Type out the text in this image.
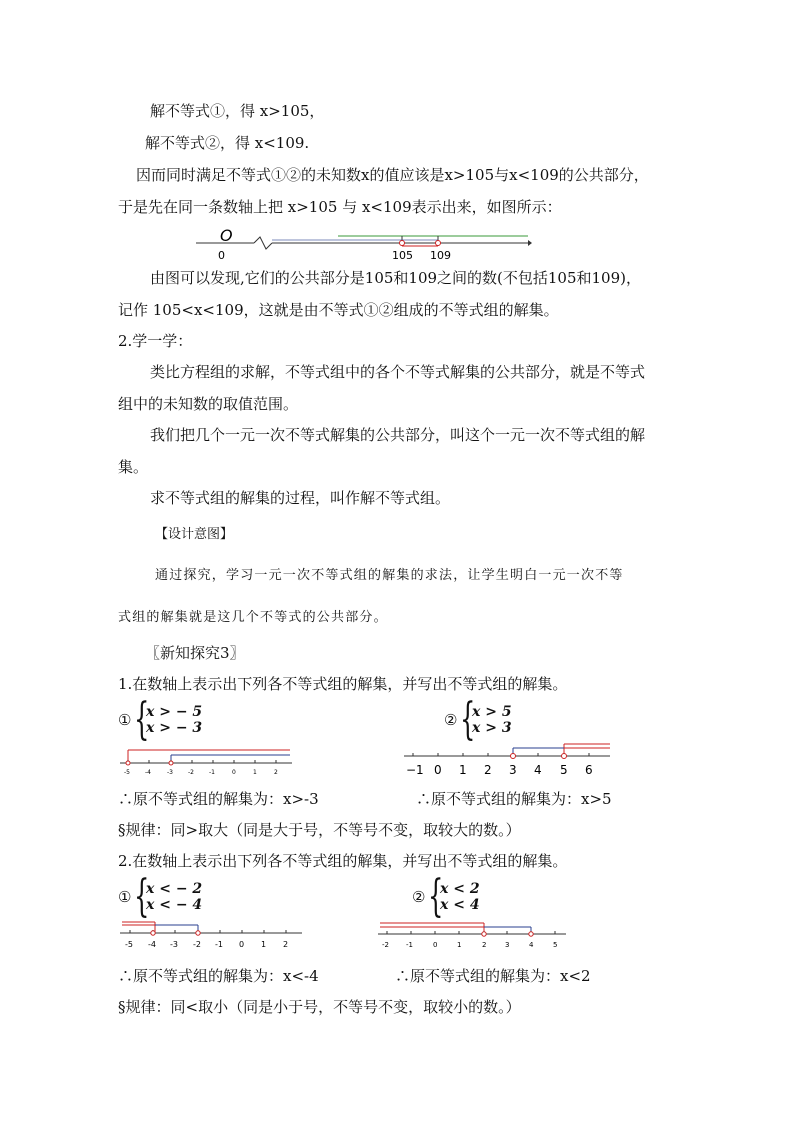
解不等式①，得 x>105，
解不等式②，得 x<109.
因而同时满足不等式①②的未知数x的值应该是x>105与x<109的公共部分，
于是先在同一条数轴上把 x>105 与 x<109表示出来，如图所示：
O
0	105 109
由图可以发现,它们的公共部分是105和109之间的数(不包括105和109)，
记作 105<x<109，这就是由不等式①②组成的不等式组的解集。
2.学一学：
类比方程组的求解，不等式组中的各个不等式解集的公共部分，就是不等式
组中的未知数的取值范围。
我们把几个一元一次不等式解集的公共部分，叫这个一元一次不等式组的解
集。
求不等式组的解集的过程，叫作解不等式组。
【设计意图】
通过探究，学习一元一次不等式组的解集的求法，让学生明白一元一次不等
式组的解集就是这几个不等式的公共部分。
〖新知探究3〗
1.在数轴上表示出下列各不等式组的解集，并写出不等式组的解集。
① {
x > − 5
x > − 3	② {
x > 5
x > 3
-5	-4	-3	-2	-1	0	1	2	−1 0 1 2 3 4 5 6
∴原不等式组的解集为：x>-3	∴原不等式组的解集为：x>5
§规律：同>取大（同是大于号，不等号不变，取较大的数。）
2.在数轴上表示出下列各不等式组的解集，并写出不等式组的解集。
① {
x < − 2
x < − 4	② {
x < 2
x < 4
-5 -4 -3 -2 -1 0 1 2	-2 -1	0	1	2	3	4	5
∴原不等式组的解集为：x<-4	∴原不等式组的解集为：x<2
§规律：同<取小（同是小于号，不等号不变，取较小的数。）
